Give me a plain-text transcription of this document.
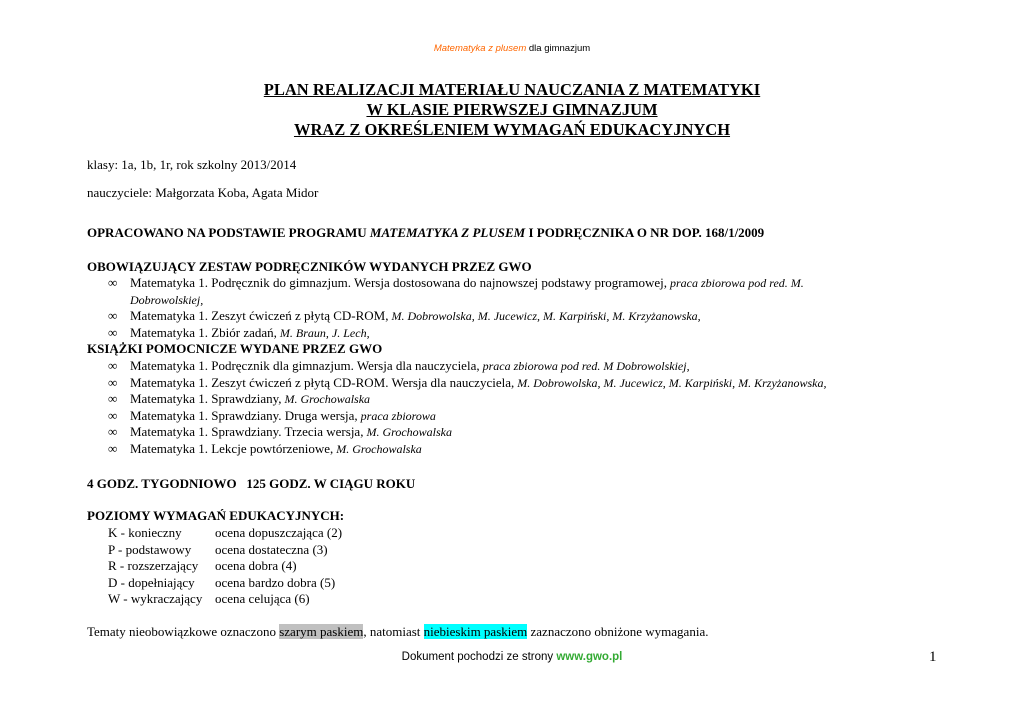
Matematyka z plusem dla gimnazjum
PLAN REALIZACJI MATERIAŁU NAUCZANIA Z MATEMATYKI
W KLASIE PIERWSZEJ GIMNAZJUM
WRAZ Z OKREŚLENIEM WYMAGAŃ EDUKACYJNYCH
klasy: 1a, 1b, 1r, rok szkolny 2013/2014
nauczyciele: Małgorzata Koba, Agata Midor
OPRACOWANO NA PODSTAWIE PROGRAMU MATEMATYKA Z PLUSEM I PODRĘCZNIKA O NR DOP. 168/1/2009
OBOWIĄZUJĄCY ZESTAW PODRĘCZNIKÓW WYDANYCH PRZEZ GWO
∞ Matematyka 1. Podręcznik do gimnazjum. Wersja dostosowana do najnowszej podstawy programowej, praca zbiorowa pod red. M.
Dobrowolskiej,
∞ Matematyka 1. Zeszyt ćwiczeń z płytą CD-ROM, M. Dobrowolska, M. Jucewicz, M. Karpiński, M. Krzyżanowska,
∞ Matematyka 1. Zbiór zadań, M. Braun, J. Lech,
KSIĄŻKI POMOCNICZE WYDANE PRZEZ GWO
∞ Matematyka 1. Podręcznik dla gimnazjum. Wersja dla nauczyciela, praca zbiorowa pod red. M Dobrowolskiej,
∞ Matematyka 1. Zeszyt ćwiczeń z płytą CD-ROM. Wersja dla nauczyciela, M. Dobrowolska, M. Jucewicz, M. Karpiński, M. Krzyżanowska,
∞ Matematyka 1. Sprawdziany, M. Grochowalska
∞ Matematyka 1. Sprawdziany. Druga wersja, praca zbiorowa
∞ Matematyka 1. Sprawdziany. Trzecia wersja, M. Grochowalska
∞ Matematyka 1. Lekcje powtórzeniowe, M. Grochowalska
4 GODZ. TYGODNIOWO   125 GODZ. W CIĄGU ROKU
POZIOMY WYMAGAŃ EDUKACYJNYCH:
K - konieczny	ocena dopuszczająca (2)
P - podstawowy	ocena dostateczna (3)
R - rozszerzający	ocena dobra (4)
D - dopełniający	ocena bardzo dobra (5)
W - wykraczający ocena celująca (6)
Tematy nieobowiązkowe oznaczono szarym paskiem, natomiast niebieskim paskiem zaznaczono obniżone wymagania.
Dokument pochodzi ze strony www.gwo.pl	1
